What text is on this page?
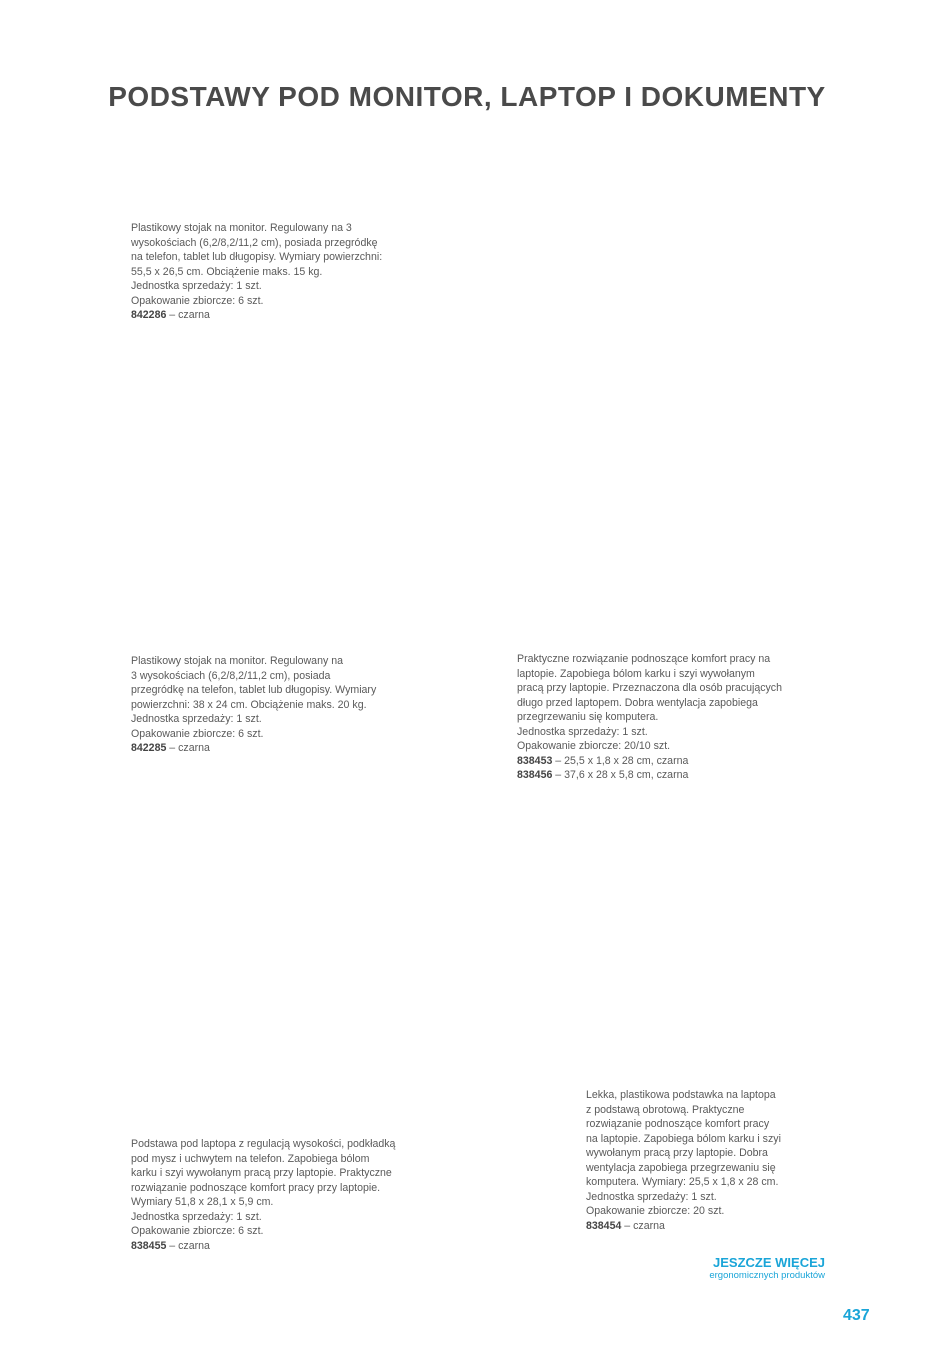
PODSTAWY POD MONITOR, LAPTOP I DOKUMENTY
Plastikowy stojak na monitor. Regulowany na 3
wysokościach (6,2/8,2/11,2 cm), posiada przegródkę
na telefon, tablet lub długopisy. Wymiary powierzchni:
55,5 x 26,5 cm. Obciążenie maks. 15 kg.
Jednostka sprzedaży: 1 szt.
Opakowanie zbiorcze: 6 szt.
842286 – czarna
Plastikowy stojak na monitor. Regulowany na
3 wysokościach (6,2/8,2/11,2 cm), posiada
przegródkę na telefon, tablet lub długopisy. Wymiary
powierzchni: 38 x 24 cm. Obciążenie maks. 20 kg.
Jednostka sprzedaży: 1 szt.
Opakowanie zbiorcze: 6 szt.
842285 – czarna
Praktyczne rozwiązanie podnoszące komfort pracy na
laptopie. Zapobiega bólom karku i szyi wywołanym
pracą przy laptopie. Przeznaczona dla osób pracujących
długo przed laptopem. Dobra wentylacja zapobiega
przegrzewaniu się komputera.
Jednostka sprzedaży: 1 szt.
Opakowanie zbiorcze: 20/10 szt.
838453 – 25,5 x 1,8 x 28 cm, czarna
838456 – 37,6 x 28 x 5,8 cm, czarna
Podstawa pod laptopa z regulacją wysokości, podkładką
pod mysz i uchwytem na telefon. Zapobiega bólom
karku i szyi wywołanym pracą przy laptopie. Praktyczne
rozwiązanie podnoszące komfort pracy przy laptopie.
Wymiary 51,8 x 28,1 x 5,9 cm.
Jednostka sprzedaży: 1 szt.
Opakowanie zbiorcze: 6 szt.
838455 – czarna
Lekka, plastikowa podstawka na laptopa
z podstawą obrotową. Praktyczne
rozwiązanie podnoszące komfort pracy
na laptopie. Zapobiega bólom karku i szyi
wywołanym pracą przy laptopie. Dobra
wentylacja zapobiega przegrzewaniu się
komputera. Wymiary: 25,5 x 1,8 x 28 cm.
Jednostka sprzedaży: 1 szt.
Opakowanie zbiorcze: 20 szt.
838454 – czarna
JESZCZE WIĘCEJ
ergonomicznych produktów
437
